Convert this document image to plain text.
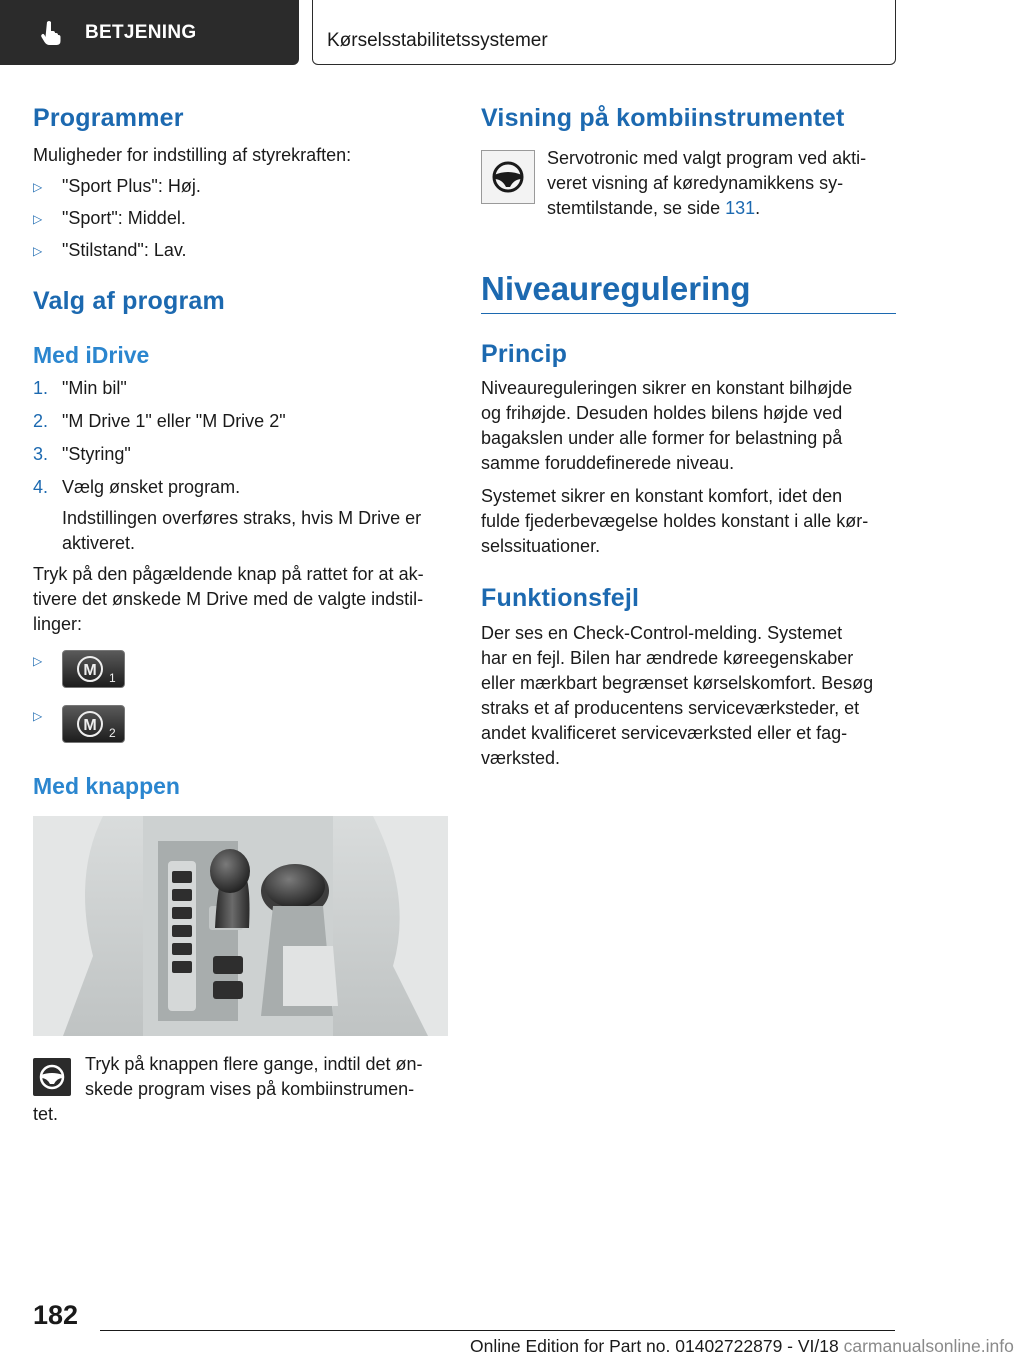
BETJENING	Kørselsstabilitetssystemer
Programmer
Muligheder for indstilling af styrekraften:
▷ "Sport Plus": Høj.
▷ "Sport": Middel.
▷ "Stilstand": Lav.
Valg af program
Med iDrive
1. "Min bil"
2. "M Drive 1" eller "M Drive 2"
3. "Styring"
4. Vælg ønsket program.
Indstillingen overføres straks, hvis M Drive er
aktiveret.
Tryk på den pågældende knap på rattet for at ak-
tivere det ønskede M Drive med de valgte indstil-
linger:
▷
M 1
▷
M 2
Med knappen
Tryk på knappen flere gange, indtil det øn-
skede program vises på kombiinstrumen-
tet.
Visning på kombiinstrumentet
Servotronic med valgt program ved akti-
veret visning af køredynamikkens sy-
stemtilstande, se side 131.
Niveauregulering
Princip
Niveaureguleringen sikrer en konstant bilhøjde
og frihøjde. Desuden holdes bilens højde ved
bagakslen under alle former for belastning på
samme foruddefinerede niveau.
Systemet sikrer en konstant komfort, idet den
fulde fjederbevægelse holdes konstant i alle kør-
selssituationer.
Funktionsfejl
Der ses en Check-Control-melding. Systemet
har en fejl. Bilen har ændrede køreegenskaber
eller mærkbart begrænset kørselskomfort. Besøg
straks et af producentens serviceværksteder, et
andet kvalificeret serviceværksted eller et fag-
værksted.
182
Online Edition for Part no. 01402722879 - VI/18 carmanualsonline.info
